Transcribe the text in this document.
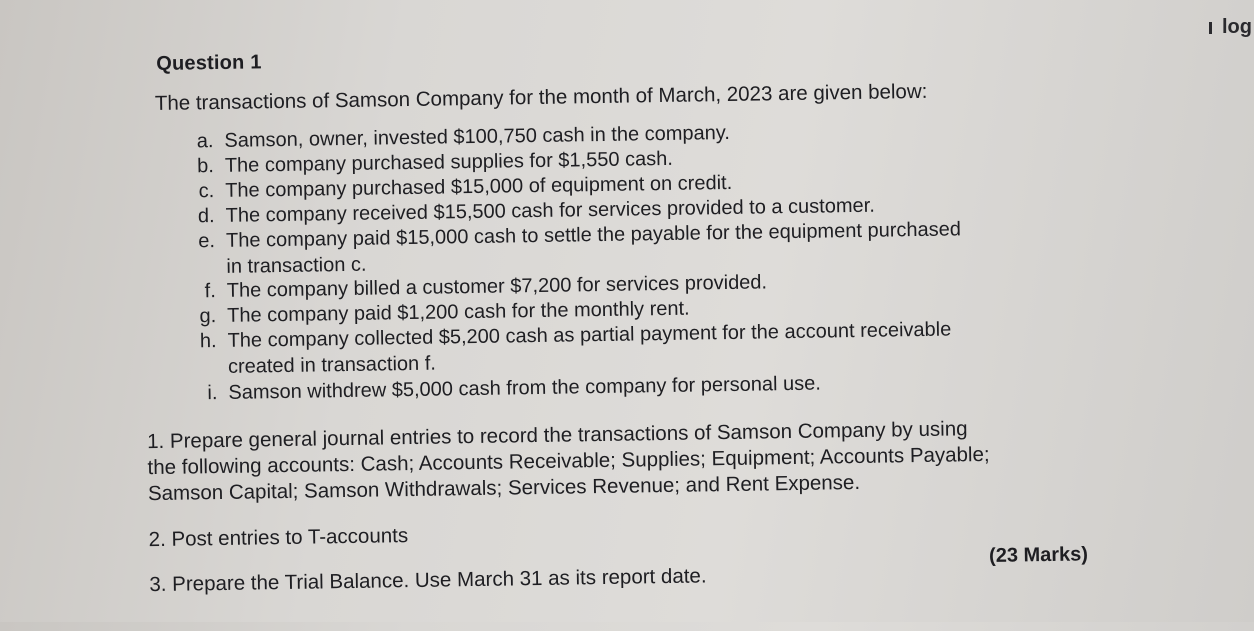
Question 1
The transactions of Samson Company for the month of March, 2023 are given below:
a. Samson, owner, invested $100,750 cash in the company.
b. The company purchased supplies for $1,550 cash.
c. The company purchased $15,000 of equipment on credit.
d. The company received $15,500 cash for services provided to a customer.
e. The company paid $15,000 cash to settle the payable for the equipment purchased
in transaction c.
f. The company billed a customer $7,200 for services provided.
g. The company paid $1,200 cash for the monthly rent.
h. The company collected $5,200 cash as partial payment for the account receivable
created in transaction f.
i. Samson withdrew $5,000 cash from the company for personal use.
1. Prepare general journal entries to record the transactions of Samson Company by using
the following accounts: Cash; Accounts Receivable; Supplies; Equipment; Accounts Payable;
Samson Capital; Samson Withdrawals; Services Revenue; and Rent Expense.
2. Post entries to T-accounts
3. Prepare the Trial Balance. Use March 31 as its report date.
(23 Marks)
log
